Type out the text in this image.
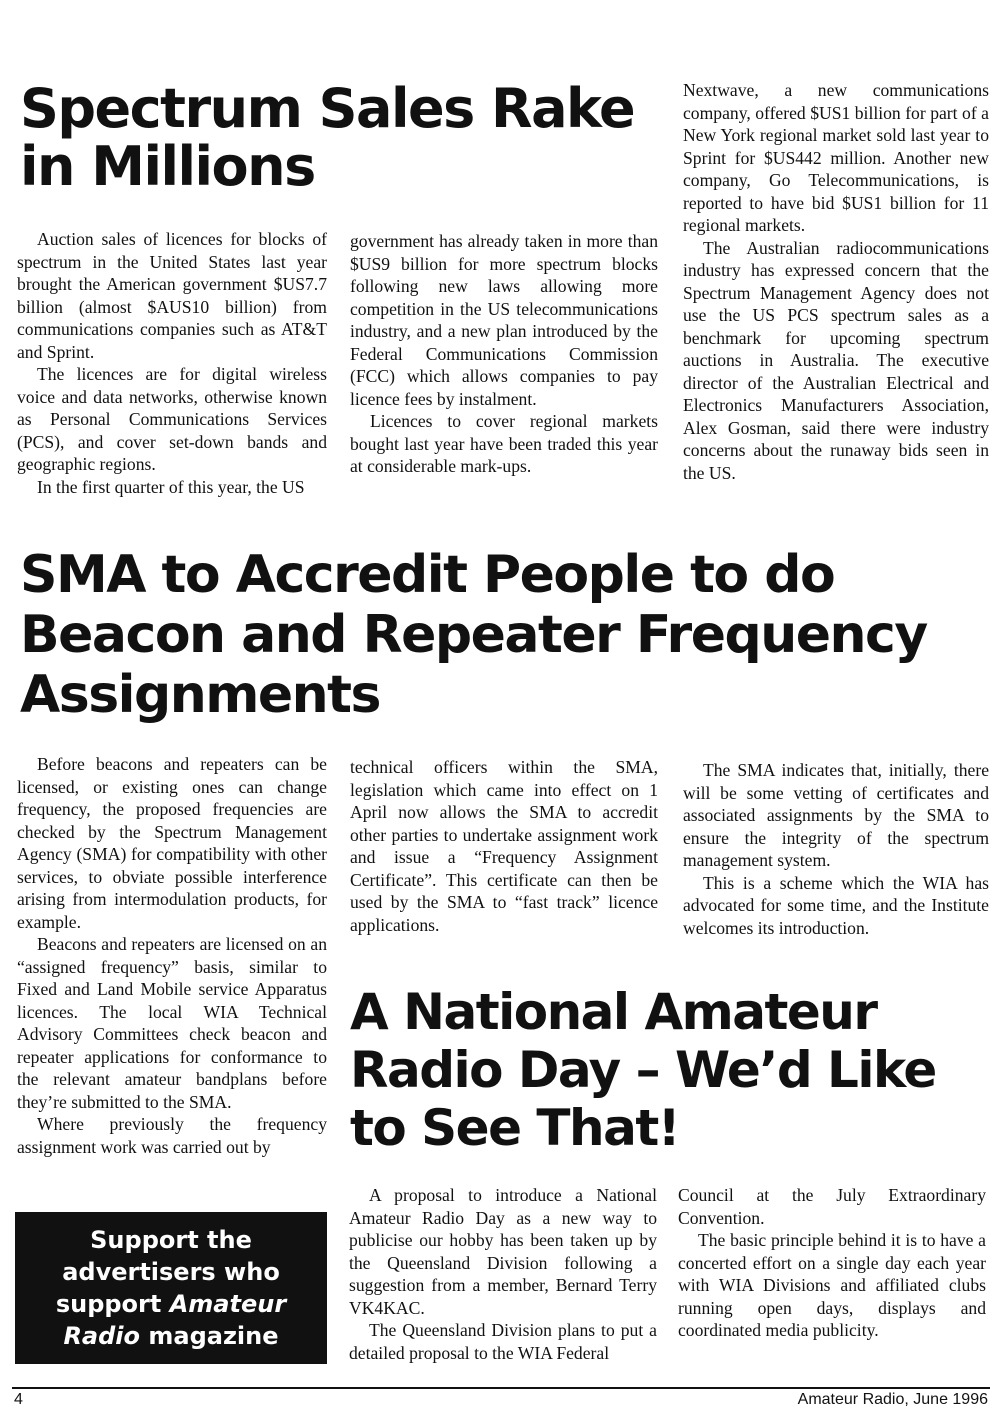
Spectrum Sales Rake
in Millions

Auction sales of licences for blocks of spectrum in the United States last year brought the American government $US7.7 billion (almost $AUS10 billion) from communications companies such as AT&T and Sprint.

The licences are for digital wireless voice and data networks, otherwise known as Personal Communications Services (PCS), and cover set-down bands and geographic regions.

In the first quarter of this year, the US

government has already taken in more than $US9 billion for more spectrum blocks following new laws allowing more competition in the US telecommunications industry, and a new plan introduced by the Federal Communications Commission (FCC) which allows companies to pay licence fees by instalment.

Licences to cover regional markets bought last year have been traded this year at considerable mark-ups.

Nextwave, a new communications company, offered $US1 billion for part of a New York regional market sold last year to Sprint for $US442 million. Another new company, Go Telecommunications, is reported to have bid $US1 billion for 11 regional markets.

The Australian radiocommunications industry has expressed concern that the Spectrum Management Agency does not use the US PCS spectrum sales as a benchmark for upcoming spectrum auctions in Australia. The executive director of the Australian Electrical and Electronics Manufacturers Association, Alex Gosman, said there were industry concerns about the runaway bids seen in the US.

SMA to Accredit People to do
Beacon and Repeater Frequency
Assignments

Before beacons and repeaters can be licensed, or existing ones can change frequency, the proposed frequencies are checked by the Spectrum Management Agency (SMA) for compatibility with other services, to obviate possible interference arising from intermodulation products, for example.

Beacons and repeaters are licensed on an “assigned frequency” basis, similar to Fixed and Land Mobile service Apparatus licences. The local WIA Technical Advisory Committees check beacon and repeater applications for conformance to the relevant amateur bandplans before they’re submitted to the SMA.

Where previously the frequency assignment work was carried out by

technical officers within the SMA, legislation which came into effect on 1 April now allows the SMA to accredit other parties to undertake assignment work and issue a “Frequency Assignment Certificate”. This certificate can then be used by the SMA to “fast track” licence applications.

The SMA indicates that, initially, there will be some vetting of certificates and associated assignments by the SMA to ensure the integrity of the spectrum management system.

This is a scheme which the WIA has advocated for some time, and the Institute welcomes its introduction.

A National Amateur
Radio Day – We’d Like
to See That!

A proposal to introduce a National Amateur Radio Day as a new way to publicise our hobby has been taken up by the Queensland Division following a suggestion from a member, Bernard Terry VK4KAC.

The Queensland Division plans to put a detailed proposal to the WIA Federal

Council at the July Extraordinary Convention.

The basic principle behind it is to have a concerted effort on a single day each year with WIA Divisions and affiliated clubs running open days, displays and coordinated media publicity.

Support the
advertisers who
support Amateur
Radio magazine
4	Amateur Radio, June 1996
